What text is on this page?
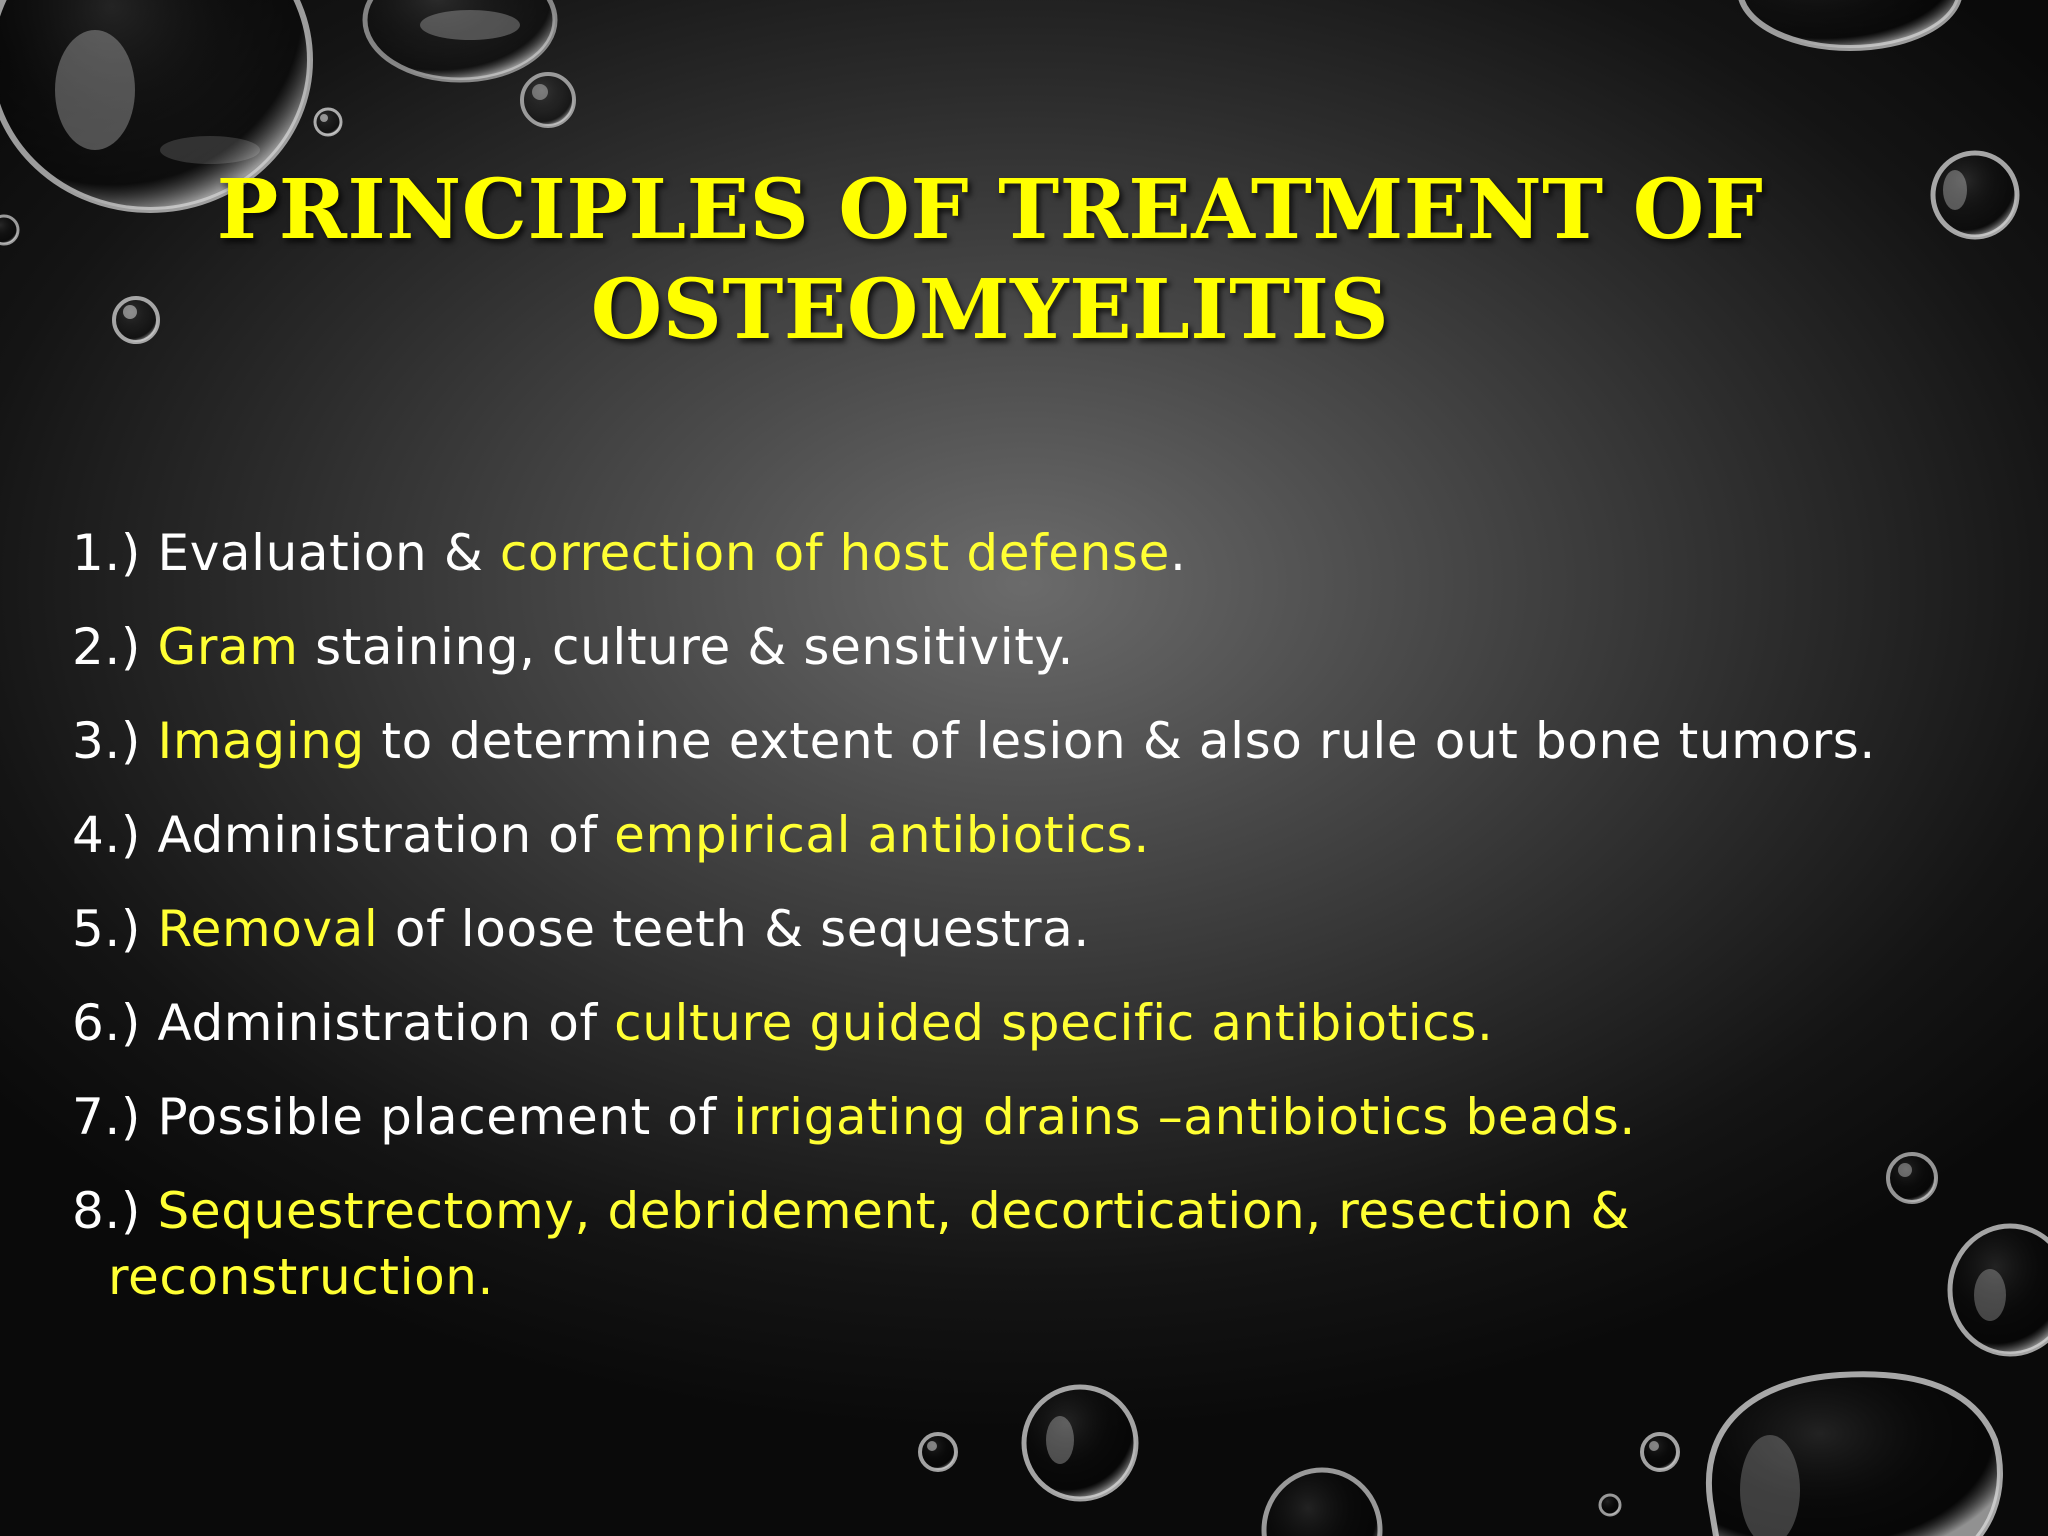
PRINCIPLES OF TREATMENT OF
OSTEOMYELITIS
1.) Evaluation & correction of host defense.
2.) Gram staining, culture & sensitivity.
3.) Imaging to determine extent of lesion & also rule out bone tumors.
4.) Administration of empirical antibiotics.
5.) Removal of loose teeth & sequestra.
6.) Administration of culture guided specific antibiotics.
7.) Possible placement of irrigating drains –antibiotics beads.
8.) Sequestrectomy, debridement, decortication, resection & reconstruction.
